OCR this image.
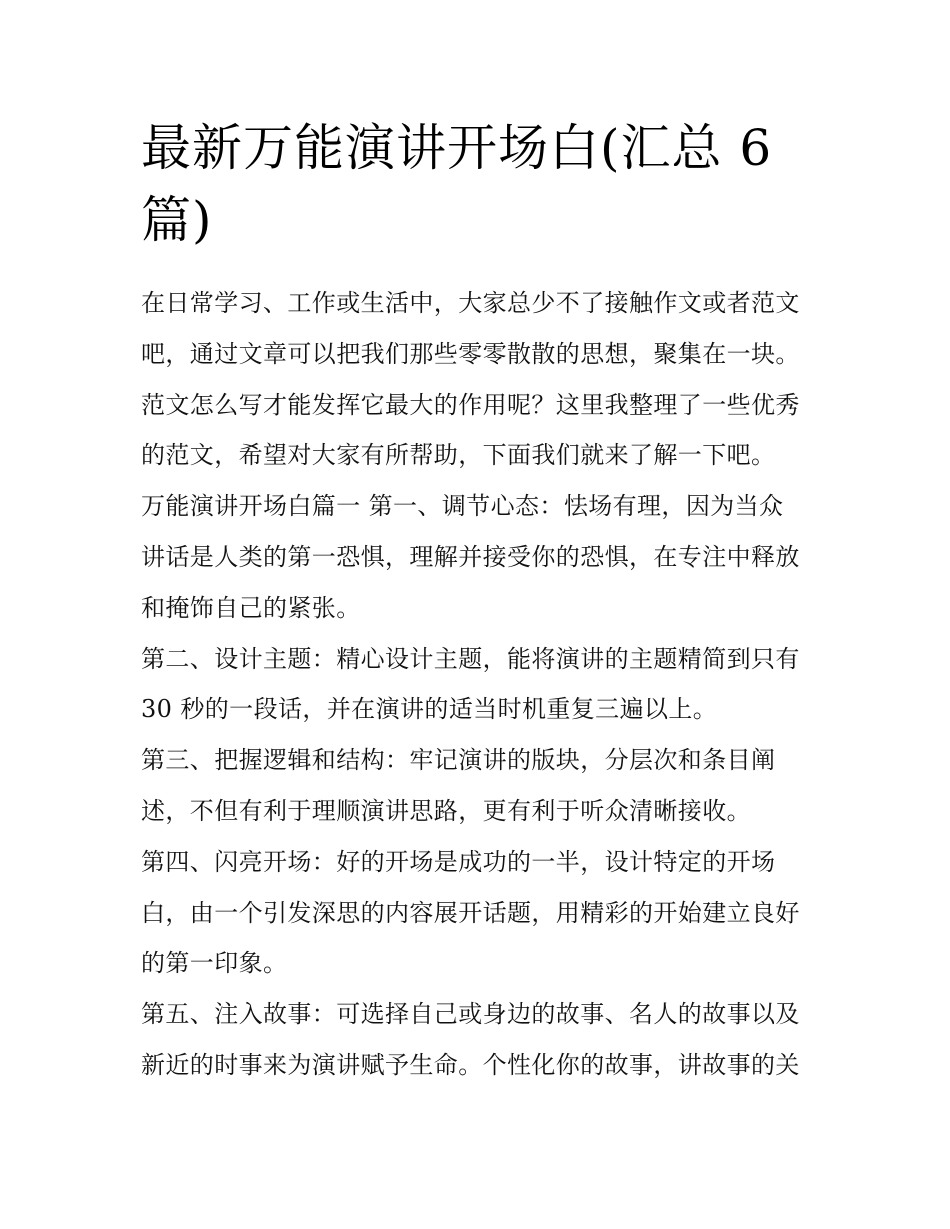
最新万能演讲开场白(汇总 6
篇)
在日常学习、工作或生活中，大家总少不了接触作文或者范文
吧，通过文章可以把我们那些零零散散的思想，聚集在一块。
范文怎么写才能发挥它最大的作用呢？这里我整理了一些优秀
的范文，希望对大家有所帮助，下面我们就来了解一下吧。
万能演讲开场白篇一 第一、调节心态：怯场有理，因为当众
讲话是人类的第一恐惧，理解并接受你的恐惧，在专注中释放
和掩饰自己的紧张。
第二、设计主题：精心设计主题，能将演讲的主题精简到只有
30 秒的一段话，并在演讲的适当时机重复三遍以上。
第三、把握逻辑和结构：牢记演讲的版块，分层次和条目阐
述，不但有利于理顺演讲思路，更有利于听众清晰接收。
第四、闪亮开场：好的开场是成功的一半，设计特定的开场
白，由一个引发深思的内容展开话题，用精彩的开始建立良好
的第一印象。
第五、注入故事：可选择自己或身边的故事、名人的故事以及
新近的时事来为演讲赋予生命。个性化你的故事，讲故事的关
